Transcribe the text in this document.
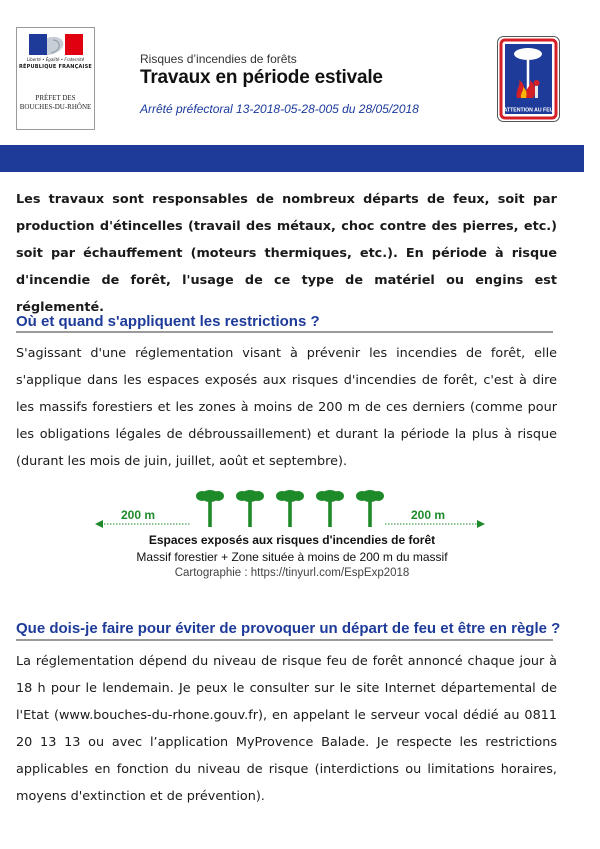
Liberté • Égalité • Fraternité
RÉPUBLIQUE FRANÇAISE
PRÉFET DES
BOUCHES-DU-RHÔNE
Risques d’incendies de forêts
Travaux en période estivale
Arrêté préfectoral 13-2018-05-28-005 du 28/05/2018	ATTENTION AU FEU
Les travaux sont responsables de nombreux départs de feux, soit par production d'étincelles (travail des métaux, choc contre des pierres, etc.) soit par échauffement (moteurs thermiques, etc.). En période à risque d'incendie de forêt, l'usage de ce type de matériel ou engins est réglementé.
Où et quand s'appliquent les restrictions ?
S'agissant d'une réglementation visant à prévenir les incendies de forêt, elle s'applique dans les espaces exposés aux risques d'incendies de forêt, c'est à dire les massifs forestiers et les zones à moins de 200 m de ces derniers (comme pour les obligations légales de débroussaillement) et durant la période la plus à risque (durant les mois de juin, juillet, août et septembre).
200 m	200 m
Espaces exposés aux risques d'incendies de forêt
Massif forestier + Zone située à moins de 200 m du massif
Cartographie : https://tinyurl.com/EspExp2018
Que dois-je faire pour éviter de provoquer un départ de feu et être en règle ?
La réglementation dépend du niveau de risque feu de forêt annoncé chaque jour à 18 h pour le lendemain. Je peux le consulter sur le site Internet départemental de l'Etat (www.bouches-du-rhone.gouv.fr), en appelant le serveur vocal dédié au 0811 20 13 13 ou avec l’application MyProvence Balade. Je respecte les restrictions applicables en fonction du niveau de risque (interdictions ou limitations horaires, moyens d'extinction et de prévention).
